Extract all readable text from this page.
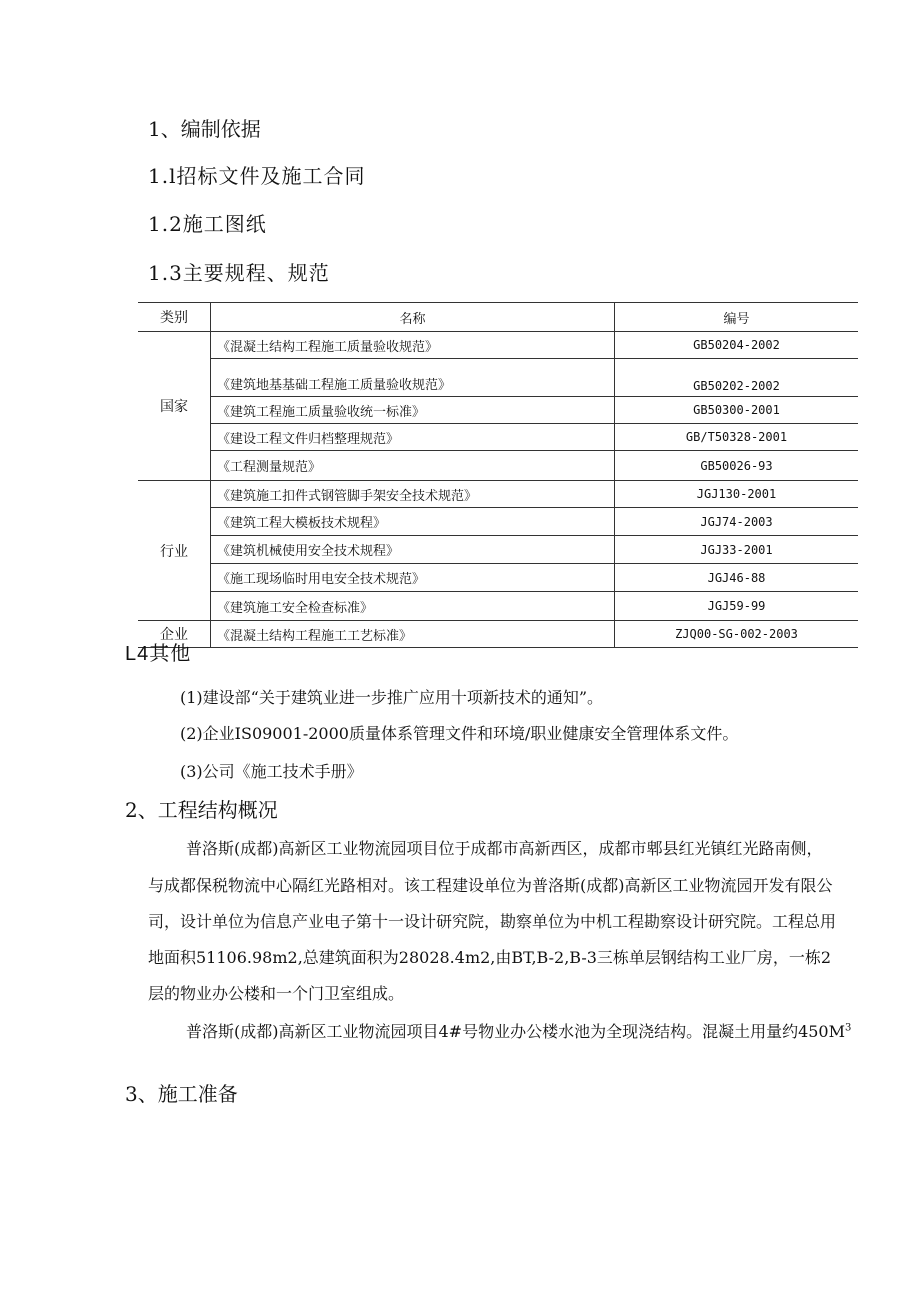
1、编制依据
1.l招标文件及施工合同
1.2施工图纸
1.3主要规程、规范
类别	名称	编号
国家	《混凝土结构工程施工质量验收规范》	GB50204-2002
	《建筑地基基础工程施工质量验收规范》	GB50202-2002
	《建筑工程施工质量验收统一标准》	GB50300-2001
	《建设工程文件归档整理规范》	GB/T50328-2001
	《工程测量规范》	GB50026-93
行业	《建筑施工扣件式钢管脚手架安全技术规范》	JGJ130-2001
	《建筑工程大模板技术规程》	JGJ74-2003
	《建筑机械使用安全技术规程》	JGJ33-2001
	《施工现场临时用电安全技术规范》	JGJ46-88
	《建筑施工安全检查标准》	JGJ59-99
企业	《混凝土结构工程施工工艺标准》	ZJQ00-SG-002-2003
L4其他
(1)建设部“关于建筑业进一步推广应用十项新技术的通知”。
(2)企业IS09001-2000质量体系管理文件和环境/职业健康安全管理体系文件。
(3)公司《施工技术手册》
2、工程结构概况
普洛斯(成都)高新区工业物流园项目位于成都市高新西区，成都市郫县红光镇红光路南侧，
与成都保税物流中心隔红光路相对。该工程建设单位为普洛斯(成都)高新区工业物流园开发有限公
司，设计单位为信息产业电子第十一设计研究院，勘察单位为中机工程勘察设计研究院。工程总用
地面积51106.98m2,总建筑面积为28028.4m2,由BT,B-2,B-3三栋单层钢结构工业厂房，一栋2
层的物业办公楼和一个门卫室组成。
普洛斯(成都)高新区工业物流园项目4#号物业办公楼水池为全现浇结构。混凝土用量约$450M^3$
3、施工准备
